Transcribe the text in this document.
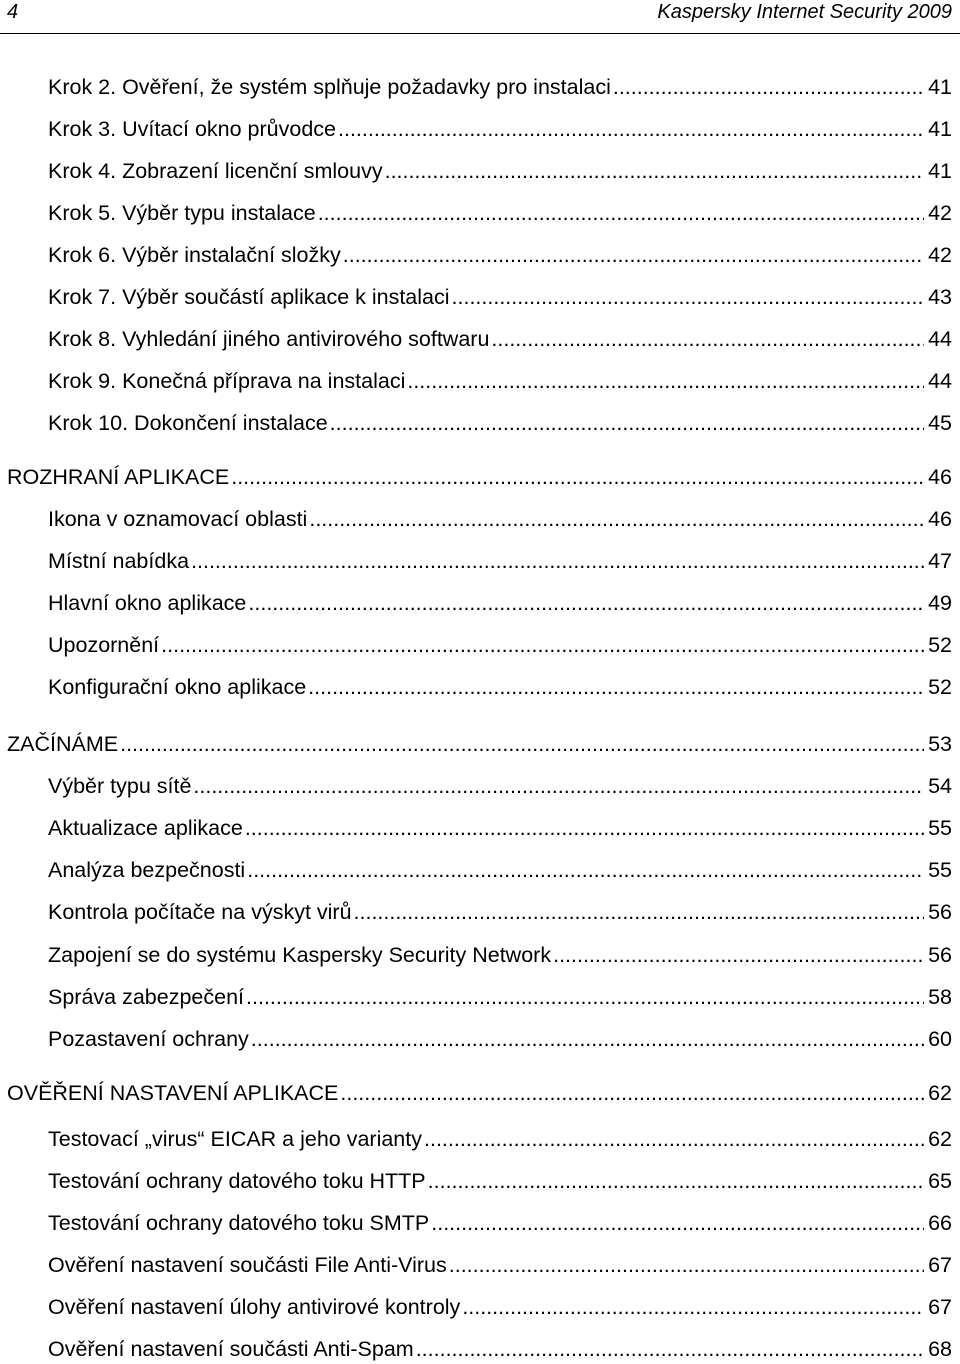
4	Kaspersky Internet Security 2009
Krok 2. Ověření, že systém splňuje požadavky pro instalaci .....	41
Krok 3. Uvítací okno průvodce .....	41
Krok 4. Zobrazení licenční smlouvy .....	41
Krok 5. Výběr typu instalace .....	42
Krok 6. Výběr instalační složky .....	42
Krok 7. Výběr součástí aplikace k instalaci .....	43
Krok 8. Vyhledání jiného antivirového softwaru .....	44
Krok 9. Konečná příprava na instalaci .....	44
Krok 10. Dokončení instalace .....	45
ROZHRANÍ APLIKACE .....	46
Ikona v oznamovací oblasti .....	46
Místní nabídka .....	47
Hlavní okno aplikace .....	49
Upozornění .....	52
Konfigurační okno aplikace .....	52
ZAČÍNÁME .....	53
Výběr typu sítě .....	54
Aktualizace aplikace .....	55
Analýza bezpečnosti .....	55
Kontrola počítače na výskyt virů .....	56
Zapojení se do systému Kaspersky Security Network .....	56
Správa zabezpečení .....	58
Pozastavení ochrany .....	60
OVĚŘENÍ NASTAVENÍ APLIKACE .....	62
Testovací „virus“ EICAR a jeho varianty .....	62
Testování ochrany datového toku HTTP .....	65
Testování ochrany datového toku SMTP .....	66
Ověření nastavení součásti File Anti-Virus .....	67
Ověření nastavení úlohy antivirové kontroly .....	67
Ověření nastavení součásti Anti-Spam .....	68
